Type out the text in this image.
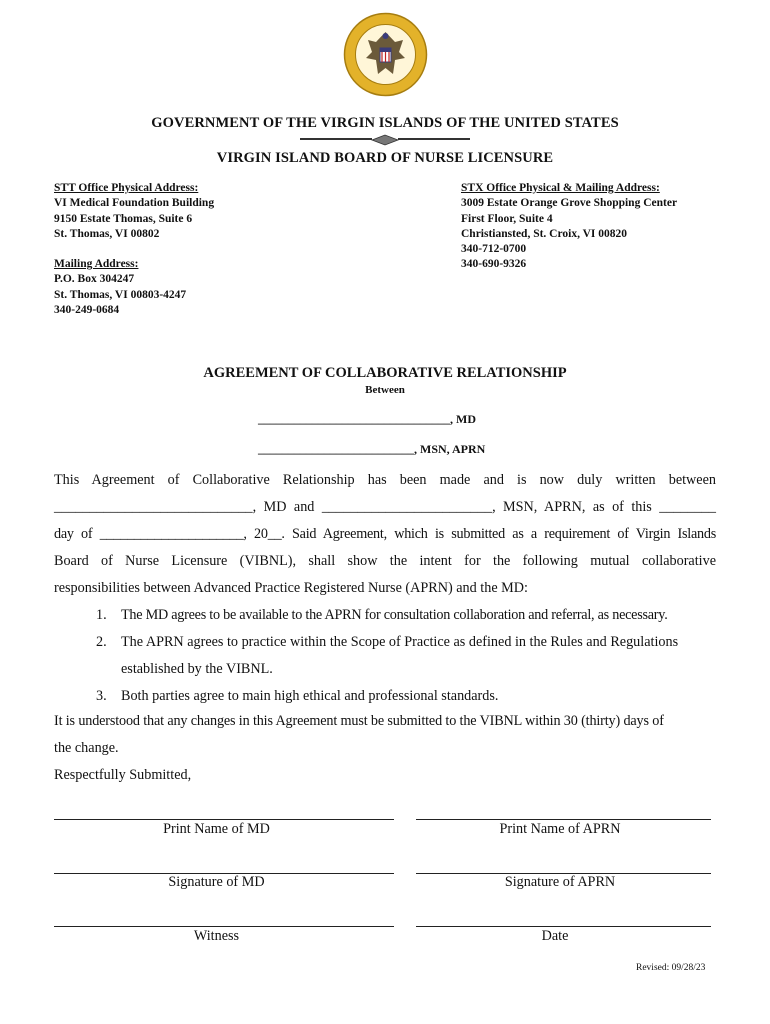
GOVERNMENT OF THE VIRGIN ISLANDS OF THE UNITED STATES
VIRGIN ISLAND BOARD OF NURSE LICENSURE
STT Office Physical Address:
VI Medical Foundation Building
9150 Estate Thomas, Suite 6
St. Thomas, VI 00802
Mailing Address:
P.O. Box 304247
St. Thomas, VI 00803-4247
340-249-0684
STX Office Physical & Mailing Address:
3009 Estate Orange Grove Shopping Center
First Floor, Suite 4
Christiansted, St. Croix, VI 00820
340-712-0700
340-690-9326
AGREEMENT OF COLLABORATIVE RELATIONSHIP
Between
________________________________, MD
__________________________, MSN, APRN
This Agreement of Collaborative Relationship has been made and is now duly written between
____________________________, MD and ________________________, MSN, APRN, as of this ________
day of _____________________, 20__. Said Agreement, which is submitted as a requirement of Virgin Islands
Board of Nurse Licensure (VIBNL), shall show the intent for the following mutual collaborative
responsibilities between Advanced Practice Registered Nurse (APRN) and the MD:
1.	The MD agrees to be available to the APRN for consultation collaboration and referral, as necessary.
2.	The APRN agrees to practice within the Scope of Practice as defined in the Rules and Regulations
established by the VIBNL.
3.	Both parties agree to main high ethical and professional standards.
It is understood that any changes in this Agreement must be submitted to the VIBNL within 30 (thirty) days of
the change.
Respectfully Submitted,
Print Name of MD	Print Name of APRN
Signature of MD	Signature of APRN
Witness	Date
Revised: 09/28/23
